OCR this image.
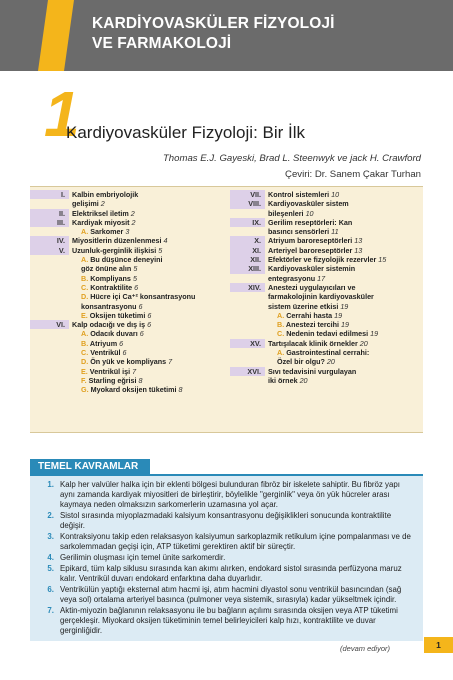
KARDİYOVASKÜLER FİZYOLOJİ
VE FARMAKOLOJİ
1
Kardiyovasküler Fizyoloji: Bir İlk
Thomas E.J. Gayeski, Brad L. Steenwyk ve jack H. Crawford
Çeviri: Dr. Sanem Çakar Turhan
I. Kalbin embriyolojik
gelişimi 2
II. Elektriksel iletim 2
III. Kardiyak miyosit 2
A. Sarkomer 3
IV. Miyositlerin düzenlenmesi 4
V. Uzunluk-gerginlik ilişkisi 5
A. Bu düşünce deneyini
göz önüne alın 5
B. Kompliyans 5
C. Kontraktilite 6
D. Hücre içi Ca⁺² konsantrasyonu
konsantrasyonu 6
E. Oksijen tüketimi 6
VI. Kalp odacığı ve dış iş 6
A. Odacık duvarı 6
B. Atriyum 6
C. Ventrikül 6
D. Ön yük ve kompliyans 7
E. Ventrikül işi 7
F. Starling eğrisi 8
G. Myokard oksijen tüketimi 8
VII. Kontrol sistemleri 10
VIII. Kardiyovasküler sistem
bileşenleri 10
IX. Gerilim reseptörleri: Kan
basıncı sensörleri 11
X. Atriyum baroreseptörleri 13
XI. Arteriyel baroreseptörler 13
XII. Efektörler ve fizyolojik rezervler 15
XIII. Kardiyovasküler sistemin
entegrasyonu 17
XIV. Anestezi uygulayıcıları ve
farmakolojinin kardiyovasküler
sistem üzerine etkisi 19
A. Cerrahi hasta 19
B. Anestezi tercihi 19
C. Nedenin tedavi edilmesi 19
XV. Tartışılacak klinik örnekler 20
A. Gastrointestinal cerrahi:
Özel bir olgu? 20
XVI. Sıvı tedavisini vurgulayan
iki örnek 20
TEMEL KAVRAMLAR
1. Kalp her valvüler halka için bir eklenti bölgesi bulunduran fibröz bir iskelete sahiptir. Bu fibröz yapı aynı zamanda kardiyak miyositleri de birleştirir, böylelikle "gerginlik" veya ön yük hücreler arası kaymaya neden olmaksızın sarkomerlerin uzamasına yol açar.
2. Sistol sırasında miyoplazmadaki kalsiyum konsantrasyonu değişiklikleri sonucunda kontraktilite değişir.
3. Kontraksiyonu takip eden relaksasyon kalsiyumun sarkoplazmik retikulum içine pompalanması ve de sarkolemmadan geçişi için, ATP tüketimi gerektiren aktif bir süreçtir.
4. Gerilimin oluşması için temel ünite sarkomerdir.
5. Epikard, tüm kalp siklusu sırasında kan akımı alırken, endokard sistol sırasında perfüzyona maruz kalır. Ventrikül duvarı endokard enfarktına daha duyarlıdır.
6. Ventrikülün yaptığı eksternal atım hacmi işi, atım hacmini diyastol sonu ventrikül basıncından (sağ veya sol) ortalama arteriyel basınca (pulmoner veya sistemik, sırasıyla) kadar yükseltmek içindir.
7. Aktin-miyozin bağlanının relaksasyonu ile bu bağların açılımı sırasında oksijen veya ATP tüketimi gerçekleşir. Miyokard oksijen tüketiminin temel belirleyicileri kalp hızı, kontraktilite ve duvar gerginliğidir.
(devam ediyor)	1
